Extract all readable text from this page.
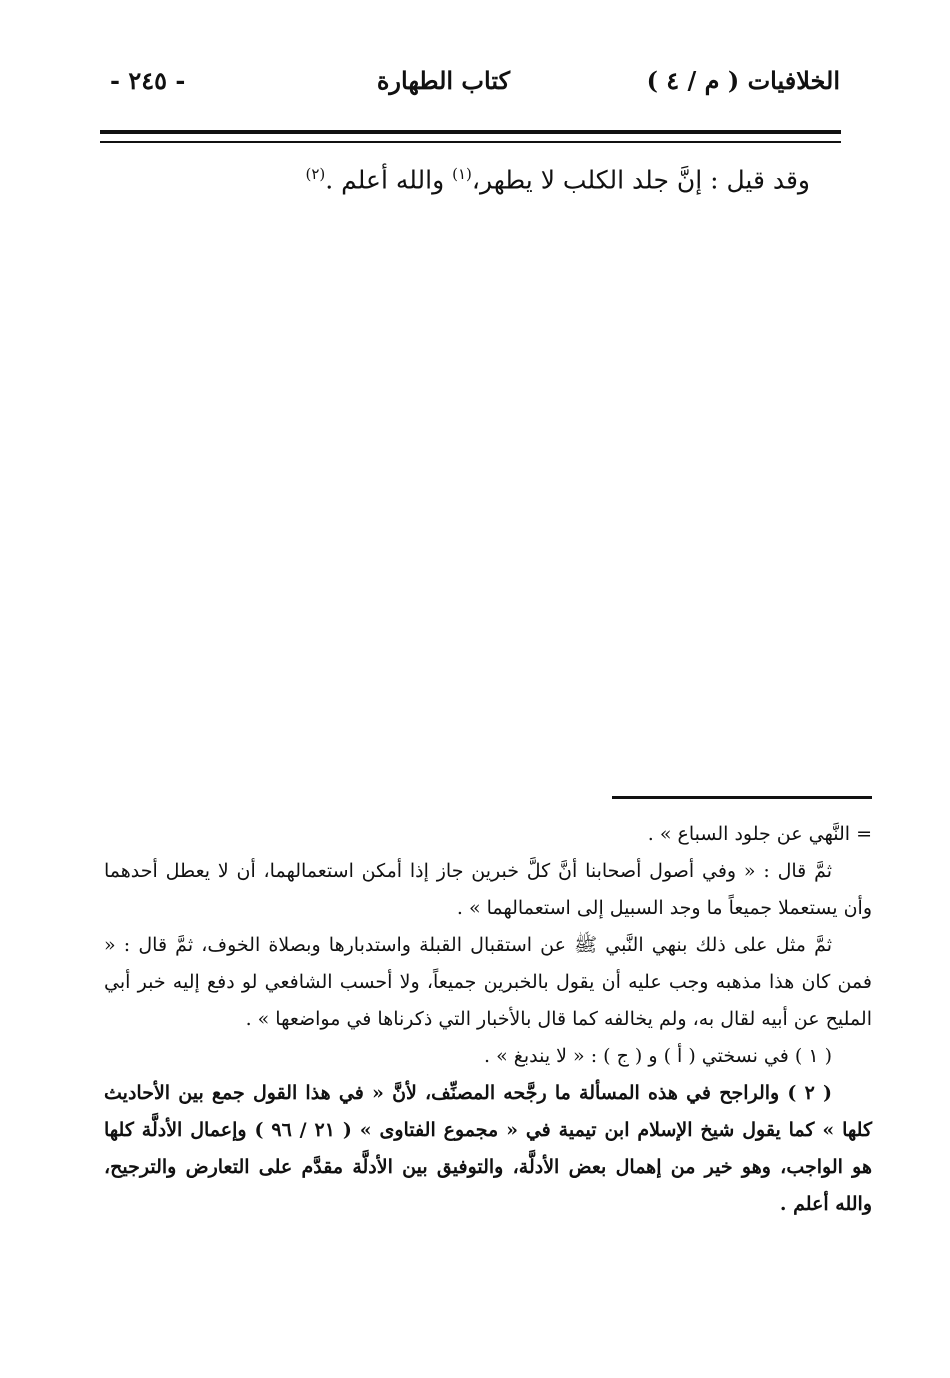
الخلافيات ( م / ٤ )
كتاب الطهارة
- ٢٤٥ -
وقد قيل : إنَّ جلد الكلب لا يطهر،$^{(١)}$ والله أعلم .$^{(٢)}$

= النَّهي عن جلود السباع » .

ثمَّ قال : « وفي أصول أصحابنا أنَّ كلَّ خبرين جاز إذا أمكن استعمالهما، أن لا يعطل أحدهما وأن يستعملا جميعاً ما وجد السبيل إلى استعمالهما » .

ثمَّ مثل على ذلك بنهي النَّبي ﷺ عن استقبال القبلة واستدبارها وبصلاة الخوف، ثمَّ قال : « فمن كان هذا مذهبه وجب عليه أن يقول بالخبرين جميعاً، ولا أحسب الشافعي لو دفع إليه خبر أبي المليح عن أبيه لقال به، ولم يخالفه كما قال بالأخبار التي ذكرناها في مواضعها » .

( ١ ) في نسختي ( أ ) و ( ج ) : « لا يندبغ » .

( ٢ ) والراجح في هذه المسألة ما رجَّحه المصنِّف، لأنَّ « في هذا القول جمع بين الأحاديث كلها » كما يقول شيخ الإسلام ابن تيمية في « مجموع الفتاوى » ( ٢١ / ٩٦ ) وإعمال الأدلَّة كلها هو الواجب، وهو خير من إهمال بعض الأدلَّة، والتوفيق بين الأدلَّة مقدَّم على التعارض والترجيح، والله أعلم .
